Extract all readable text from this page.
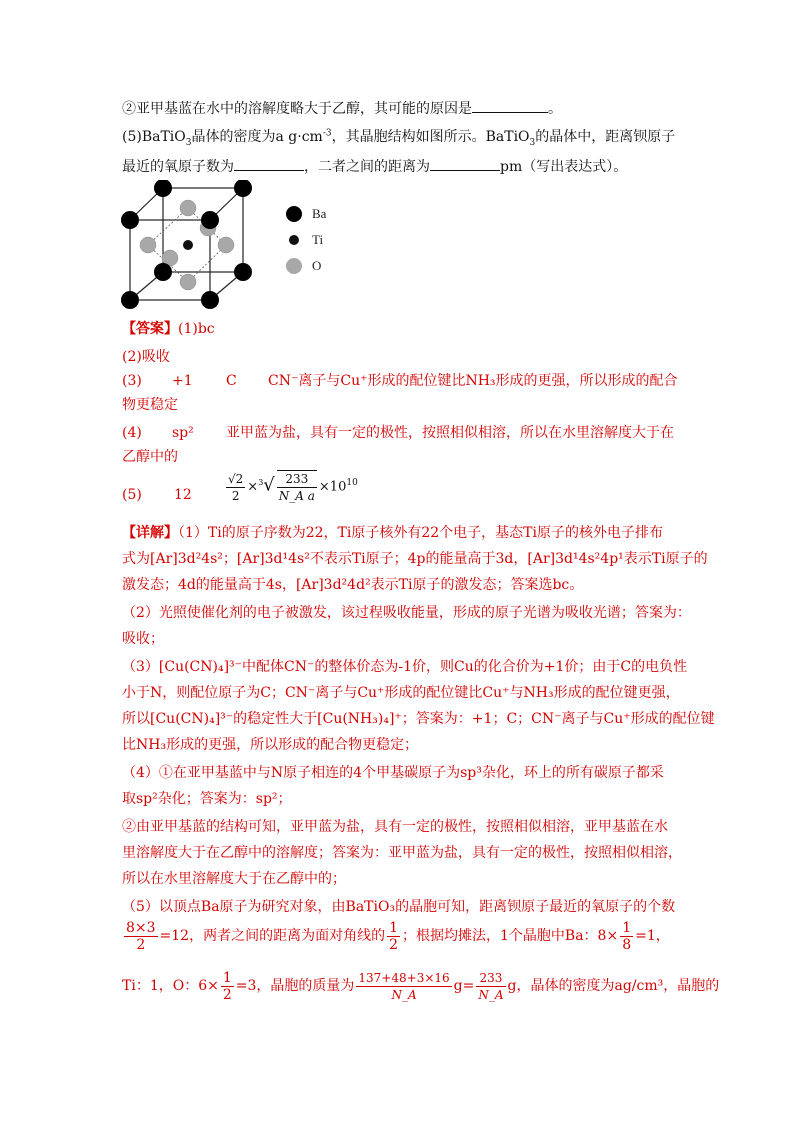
②亚甲基蓝在水中的溶解度略大于乙醇，其可能的原因是	。
(5)BaTiO$_3$晶体的密度为a $g\cdot cm^{-3}$，其晶胞结构如图所示。BaTiO$_3$的晶体中，距离钡原子
最近的氧原子数为	，二者之间的距离为	pm（写出表达式）。
Ba
Ti
O
【答案】(1)bc
(2)吸收
(3) +1 C CN⁻离子与Cu⁺形成的配位键比NH₃形成的更强，所以形成的配合
物更稳定
(4) sp² 亚甲蓝为盐，具有一定的极性，按照相似相溶，所以在水里溶解度大于在
乙醇中的
(5) 12	$\frac{√2}{2} \times^3√ \frac{233}{\text{N\_A a}} \times 10^{10}$
【详解】（1）Ti的原子序数为22，Ti原子核外有22个电子，基态Ti原子的核外电子排布
式为[Ar]3d²4s²；[Ar]3d¹4s²不表示Ti原子；4p的能量高于3d，[Ar]3d¹4s²4p¹表示Ti原子的
激发态；4d的能量高于4s，[Ar]3d²4d²表示Ti原子的激发态；答案选bc。
（2）光照使催化剂的电子被激发，该过程吸收能量，形成的原子光谱为吸收光谱；答案为：
吸收；
（3）[Cu(CN)₄]³⁻中配体CN⁻的整体价态为-1价，则Cu的化合价为+1价；由于C的电负性
小于N，则配位原子为C；CN⁻离子与Cu⁺形成的配位键比Cu⁺与NH₃形成的配位键更强，
所以[Cu(CN)₄]³⁻的稳定性大于[Cu(NH₃)₄]⁺；答案为：+1；C；CN⁻离子与Cu⁺形成的配位键
比NH₃形成的更强，所以形成的配合物更稳定；
（4）①在亚甲基蓝中与N原子相连的4个甲基碳原子为sp³杂化，环上的所有碳原子都采
取sp²杂化；答案为：sp²；
②由亚甲基蓝的结构可知，亚甲蓝为盐，具有一定的极性，按照相似相溶，亚甲基蓝在水
里溶解度大于在乙醇中的溶解度；答案为：亚甲蓝为盐，具有一定的极性，按照相似相溶，
所以在水里溶解度大于在乙醇中的；
（5）以顶点Ba原子为研究对象，由BaTiO₃的晶胞可知，距离钡原子最近的氧原子的个数
$\frac{8\times 3}{2} =12$，两者之间的距离为面对角线的 $\frac{1}{2}$ ；根据均摊法，1个晶胞中Ba：$8\times \frac{1}{8} =1$，
Ti：1，O：$6\times \frac{1}{2} =3$，晶胞的质量为 $\frac{137+48+3\times 16}{N\_A} g= \frac{233}{N\_A}$ g，晶体的密度为ag/cm³，晶胞的
